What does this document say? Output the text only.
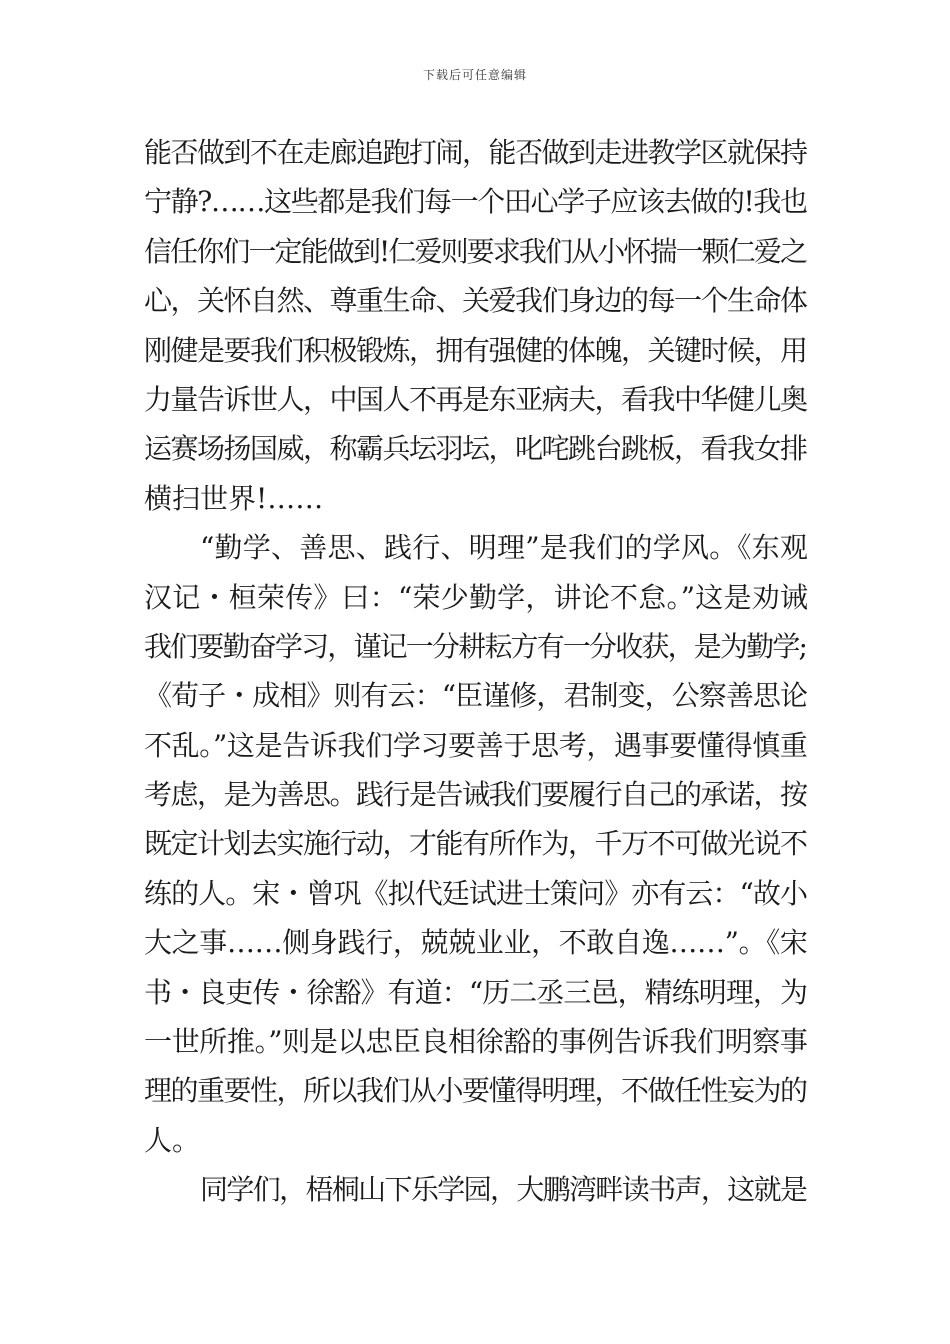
下载后可任意编辑
能否做到不在走廊追跑打闹，能否做到走进教学区就保持
宁静?……这些都是我们每一个田心学子应该去做的!我也
信任你们一定能做到!仁爱则要求我们从小怀揣一颗仁爱之
心，关怀自然、尊重生命、关爱我们身边的每一个生命体
刚健是要我们积极锻炼，拥有强健的体魄，关键时候，用
力量告诉世人，中国人不再是东亚病夫，看我中华健儿奥
运赛场扬国威，称霸兵坛羽坛，叱咤跳台跳板，看我女排
横扫世界!……
“勤学、善思、践行、明理”是我们的学风。《东观
汉记・桓荣传》曰：“荣少勤学，讲论不怠。”这是劝诫
我们要勤奋学习，谨记一分耕耘方有一分收获，是为勤学;
《荀子・成相》则有云：“臣谨修，君制变，公察善思论
不乱。”这是告诉我们学习要善于思考，遇事要懂得慎重
考虑，是为善思。践行是告诫我们要履行自己的承诺，按
既定计划去实施行动，才能有所作为，千万不可做光说不
练的人。宋・曾巩《拟代廷试进士策问》亦有云：“故小
大之事……侧身践行，兢兢业业，不敢自逸……”。《宋
书・良吏传・徐豁》有道：“历二丞三邑，精练明理，为
一世所推。”则是以忠臣良相徐豁的事例告诉我们明察事
理的重要性，所以我们从小要懂得明理，不做任性妄为的
人。
同学们，梧桐山下乐学园，大鹏湾畔读书声，这就是
